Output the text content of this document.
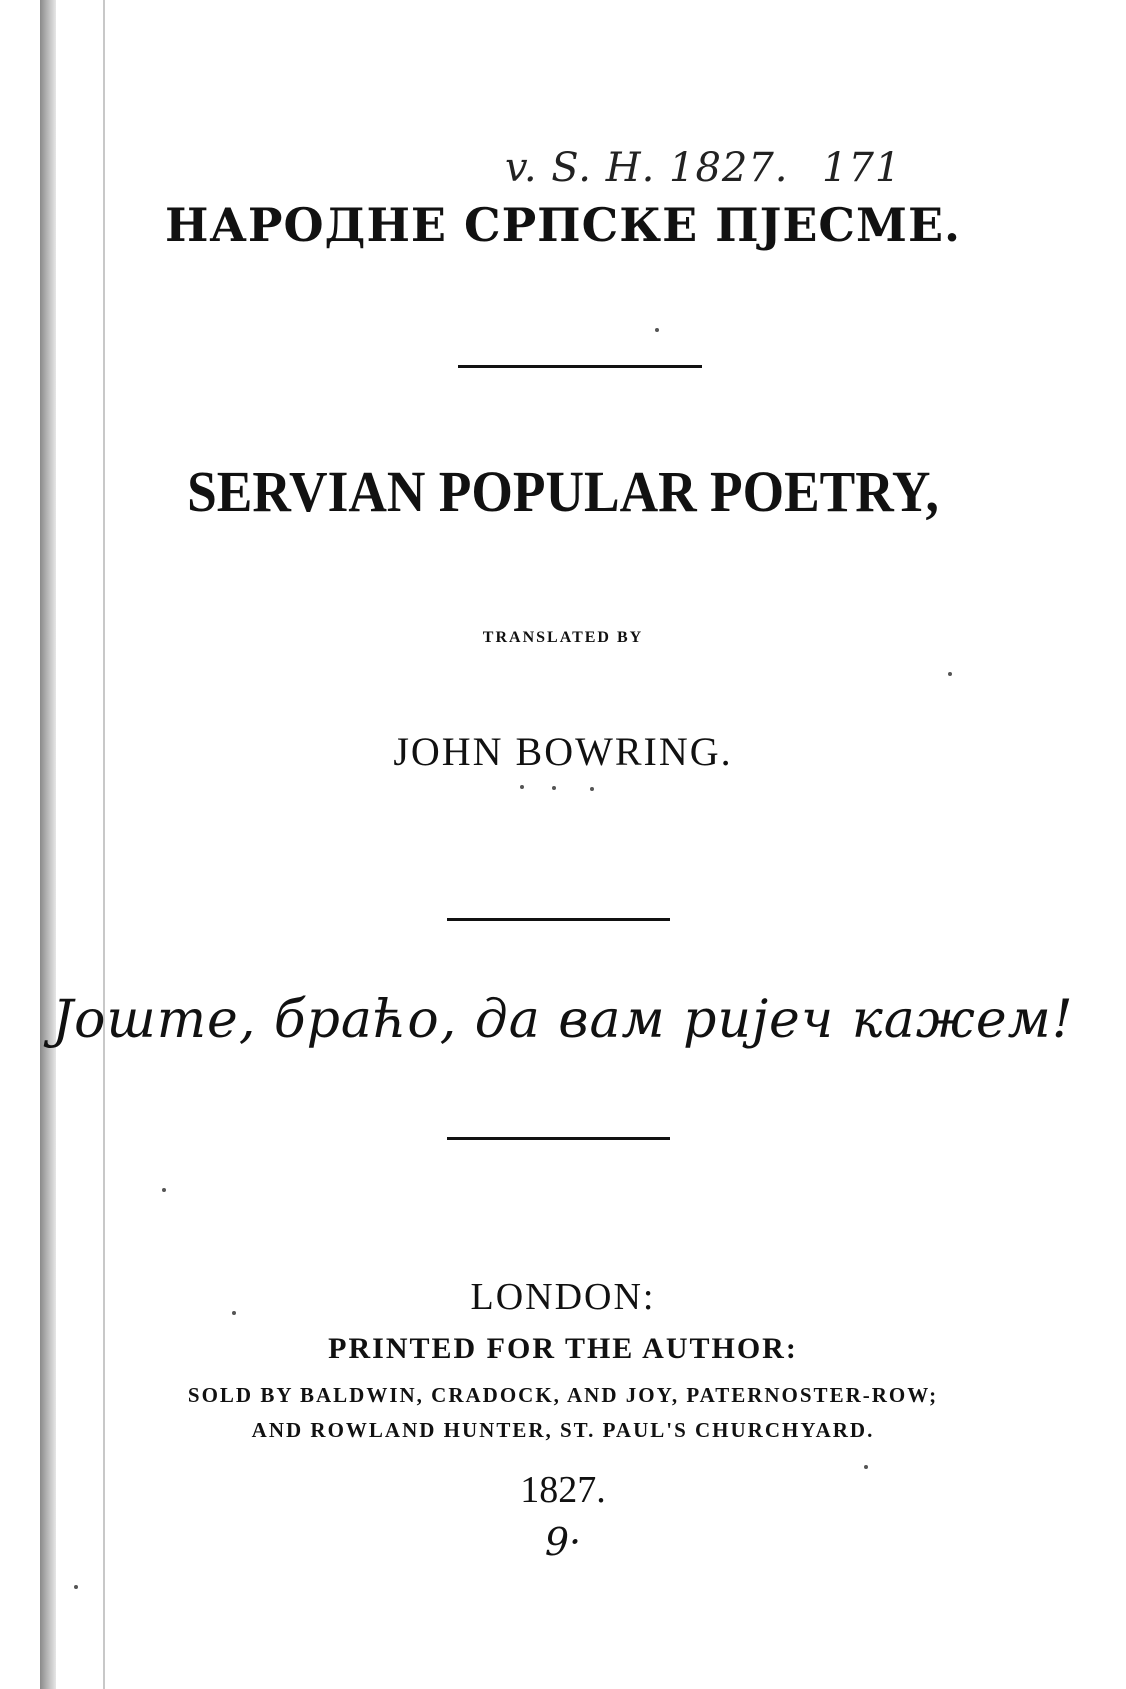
v. S. H. 1827. 171
НАРОДНЕ СРПСКЕ ПЈЕСМЕ.
SERVIAN POPULAR POETRY,
TRANSLATED BY
JOHN BOWRING.
Јоште, браћо, да вам ријеч кажем!
LONDON:
PRINTED FOR THE AUTHOR:
SOLD BY BALDWIN, CRADOCK, AND JOY, PATERNOSTER-ROW;
AND ROWLAND HUNTER, ST. PAUL'S CHURCHYARD.
1827.
9·
